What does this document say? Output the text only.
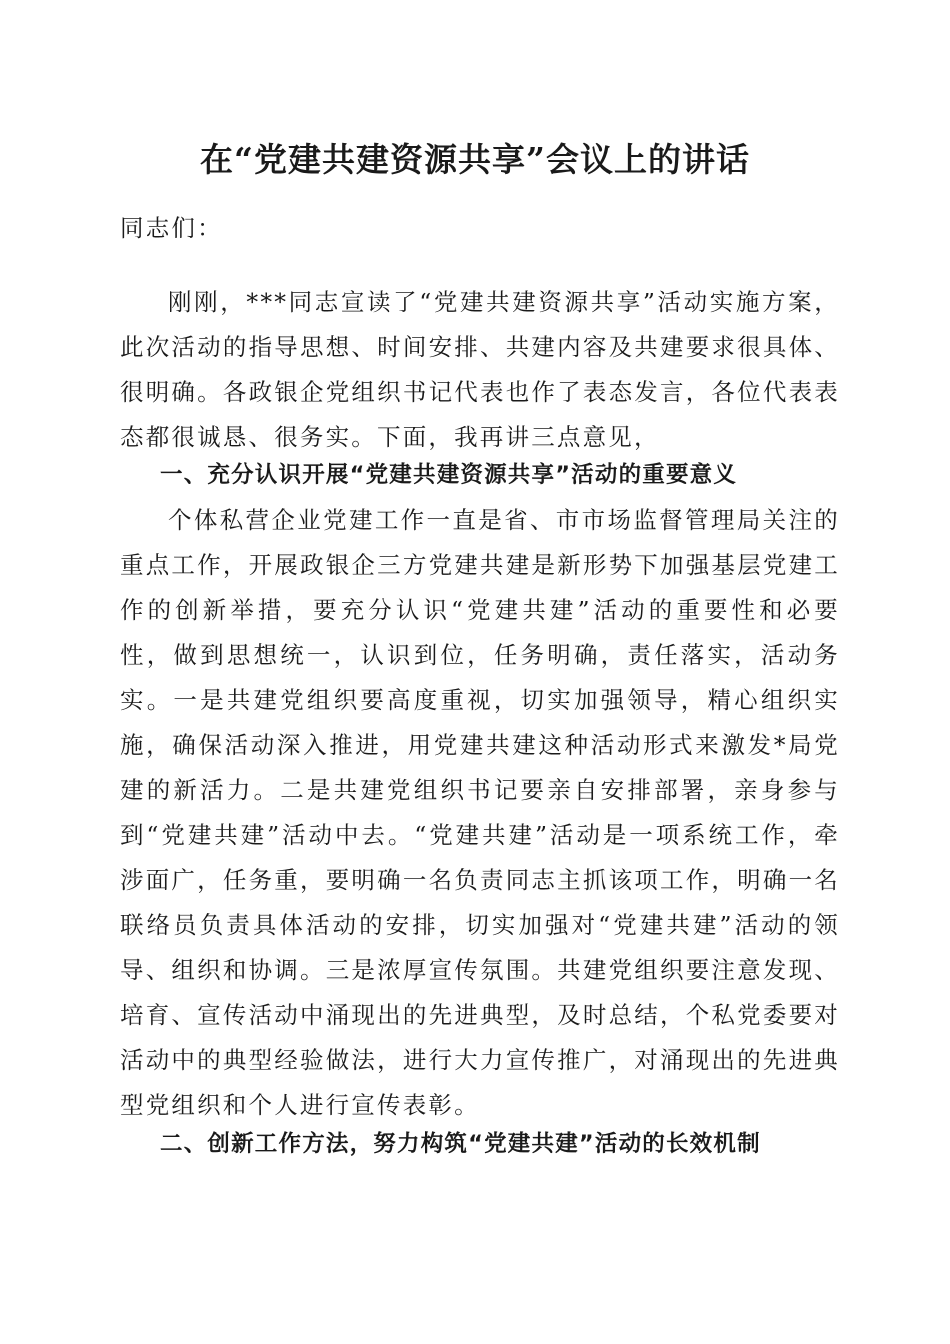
在“党建共建资源共享”会议上的讲话
同志们：

刚刚，***同志宣读了“党建共建资源共享”活动实施方案，此次活动的指导思想、时间安排、共建内容及共建要求很具体、很明确。各政银企党组织书记代表也作了表态发言，各位代表表态都很诚恳、很务实。下面，我再讲三点意见，

一、充分认识开展“党建共建资源共享”活动的重要意义

个体私营企业党建工作一直是省、市市场监督管理局关注的重点工作，开展政银企三方党建共建是新形势下加强基层党建工作的创新举措，要充分认识“党建共建”活动的重要性和必要性，做到思想统一，认识到位，任务明确，责任落实，活动务实。一是共建党组织要高度重视，切实加强领导，精心组织实施，确保活动深入推进，用党建共建这种活动形式来激发*局党建的新活力。二是共建党组织书记要亲自安排部署，亲身参与到“党建共建”活动中去。“党建共建”活动是一项系统工作，牵涉面广，任务重，要明确一名负责同志主抓该项工作，明确一名联络员负责具体活动的安排，切实加强对“党建共建”活动的领导、组织和协调。三是浓厚宣传氛围。共建党组织要注意发现、培育、宣传活动中涌现出的先进典型，及时总结，个私党委要对活动中的典型经验做法，进行大力宣传推广，对涌现出的先进典型党组织和个人进行宣传表彰。

二、创新工作方法，努力构筑“党建共建”活动的长效机制
